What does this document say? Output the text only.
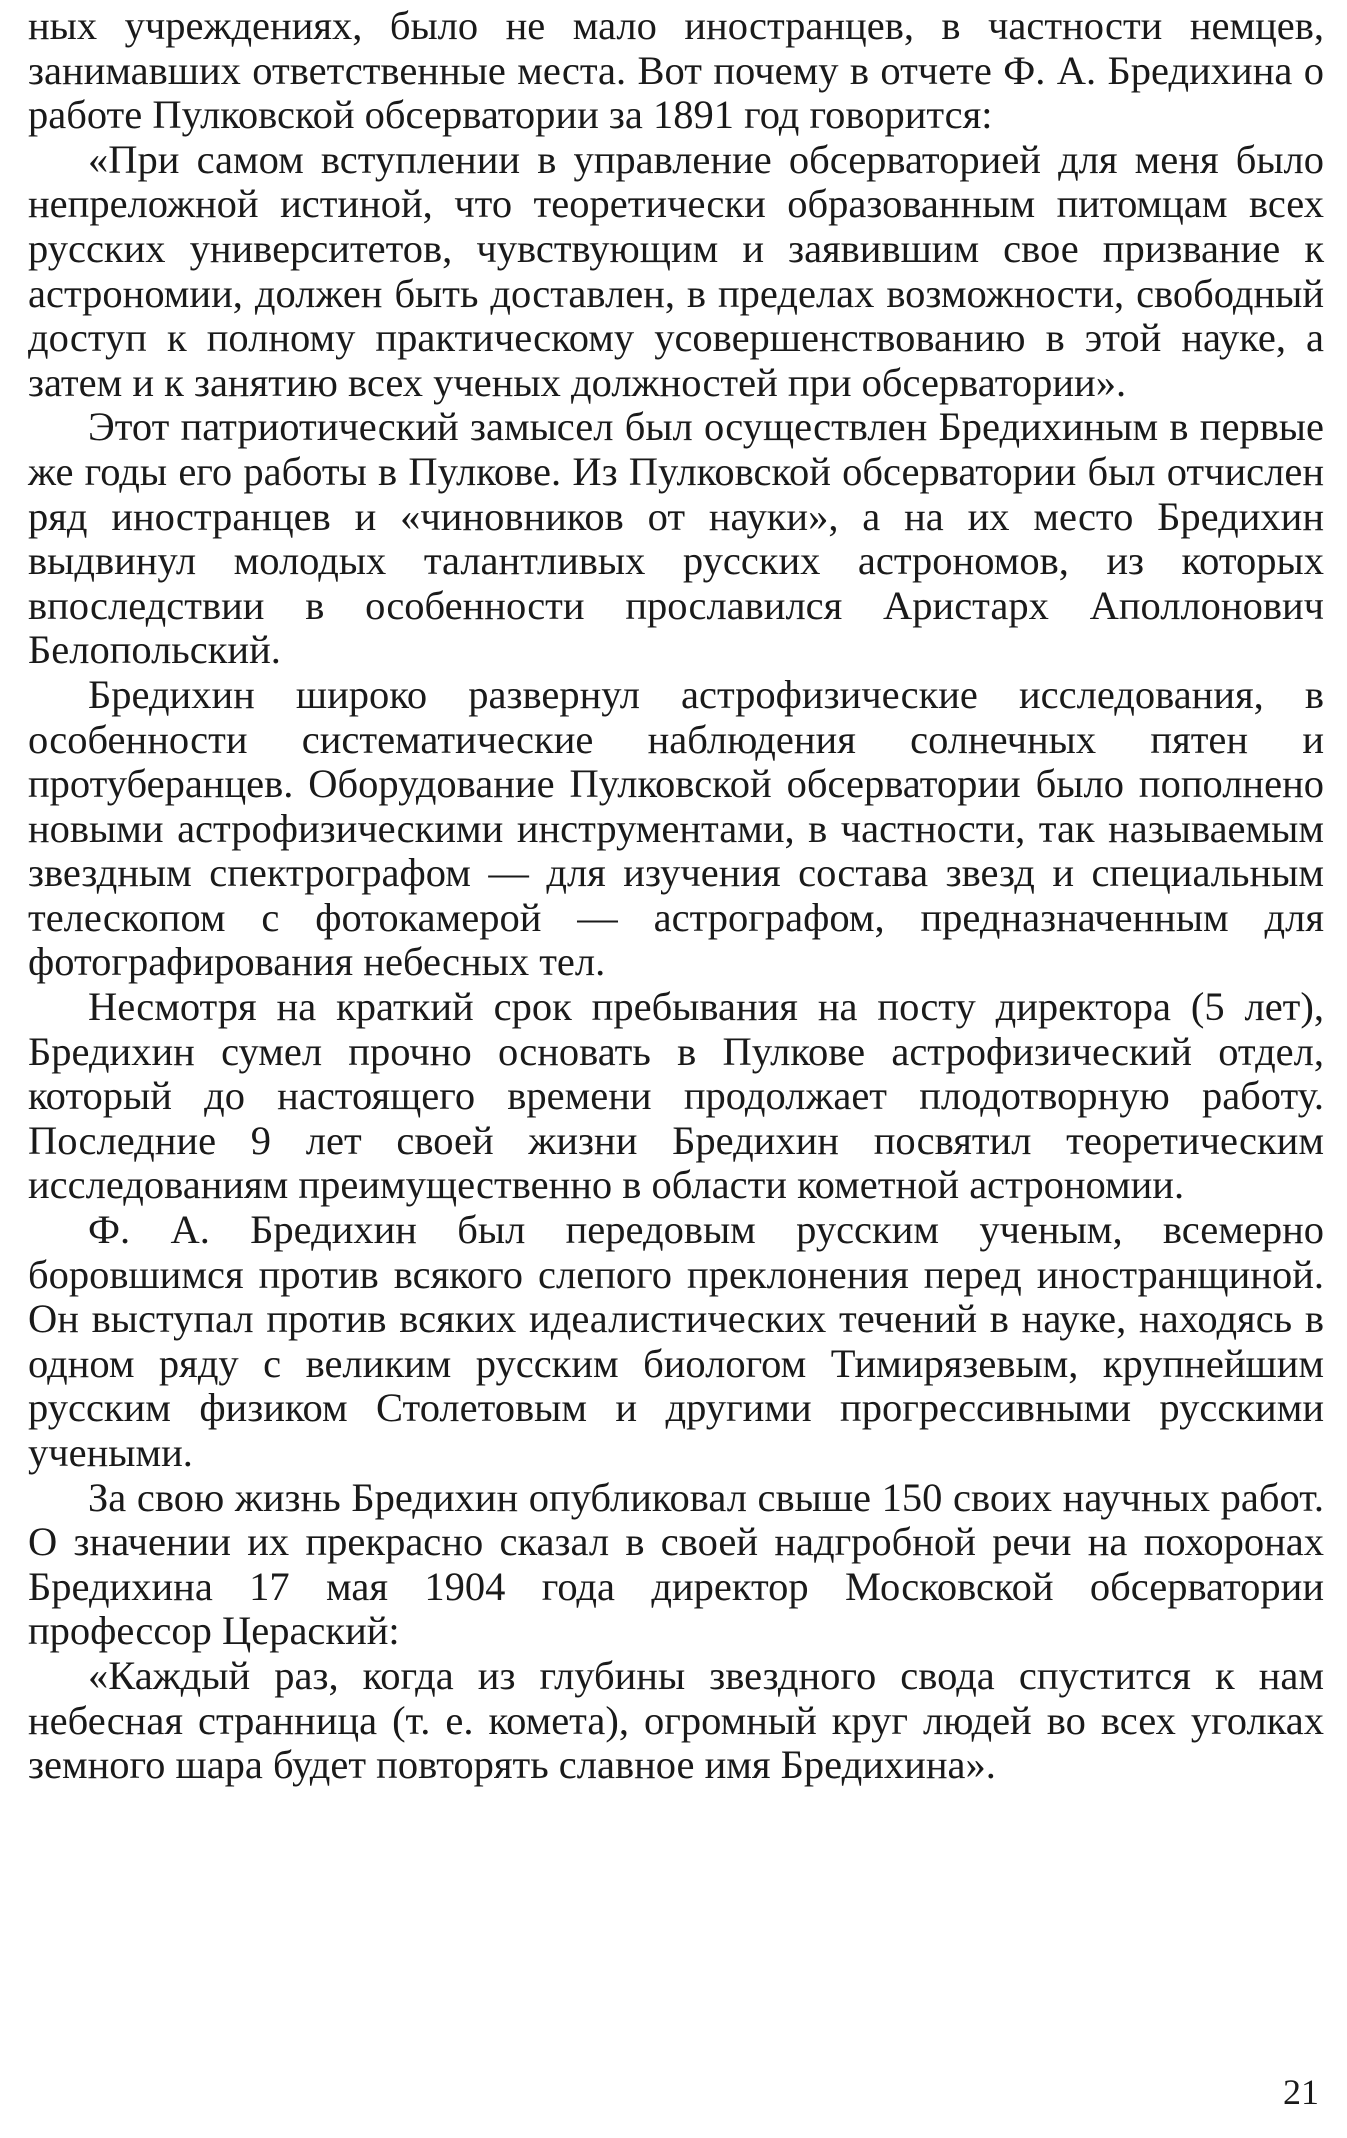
ных учреждениях, было не мало иностранцев, в частности немцев, занимавших ответственные места. Вот почему в отчете Ф. А. Бредихина о работе Пулковской обсерватории за 1891 год говорится:

«При самом вступлении в управление обсерваторией для меня было непреложной истиной, что теоретически образованным питомцам всех русских университетов, чувствующим и заявившим свое призвание к астрономии, должен быть доставлен, в пределах возможности, свободный доступ к полному практическому усовершенствованию в этой науке, а затем и к занятию всех ученых должностей при обсерватории».

Этот патриотический замысел был осуществлен Бредихиным в первые же годы его работы в Пулкове. Из Пулковской обсерватории был отчислен ряд иностранцев и «чиновников от науки», а на их место Бредихин выдвинул молодых талантливых русских астрономов, из которых впоследствии в особенности прославился Аристарх Аполлонович Белопольский.

Бредихин широко развернул астрофизические исследования, в особенности систематические наблюдения солнечных пятен и протуберанцев. Оборудование Пулковской обсерватории было пополнено новыми астрофизическими инструментами, в частности, так называемым звездным спектрографом — для изучения состава звезд и специальным телескопом с фотокамерой — астрографом, предназначенным для фотографирования небесных тел.

Несмотря на краткий срок пребывания на посту директора (5 лет), Бредихин сумел прочно основать в Пулкове астрофизический отдел, который до настоящего времени продолжает плодотворную работу. Последние 9 лет своей жизни Бредихин посвятил теоретическим исследованиям преимущественно в области кометной астрономии.

Ф. А. Бредихин был передовым русским ученым, всемерно боровшимся против всякого слепого преклонения перед иностранщиной. Он выступал против всяких идеалистических течений в науке, находясь в одном ряду с великим русским биологом Тимирязевым, крупнейшим русским физиком Столетовым и другими прогрессивными русскими учеными.

За свою жизнь Бредихин опубликовал свыше 150 своих научных работ. О значении их прекрасно сказал в своей надгробной речи на похоронах Бредихина 17 мая 1904 года директор Московской обсерватории профессор Цераский:

«Каждый раз, когда из глубины звездного свода спустится к нам небесная странница (т. е. комета), огромный круг людей во всех уголках земного шара будет повторять славное имя Бредихина».

21
